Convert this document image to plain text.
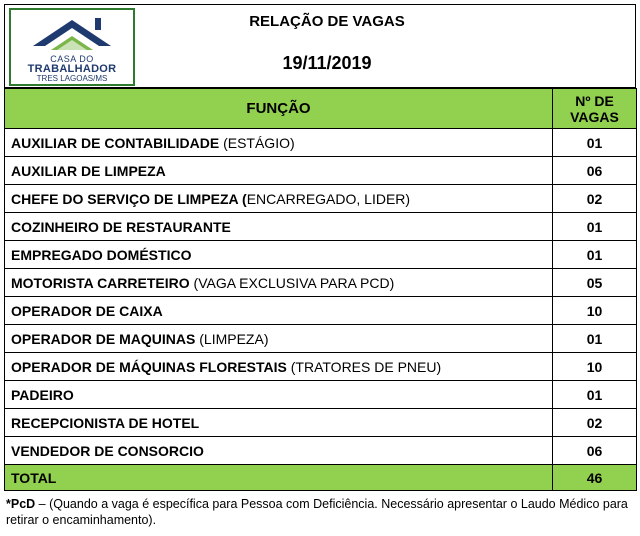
CASA DO
TRABALHADOR
TRES LAGOAS/MS
RELAÇÃO DE VAGAS
19/11/2019
FUNÇÃO	Nº DE
VAGAS
AUXILIAR DE CONTABILIDADE (ESTÁGIO)	01
AUXILIAR DE LIMPEZA	06
CHEFE DO SERVIÇO DE LIMPEZA (ENCARREGADO, LIDER)	02
COZINHEIRO DE RESTAURANTE	01
EMPREGADO DOMÉSTICO	01
MOTORISTA CARRETEIRO (VAGA EXCLUSIVA PARA PCD)	05
OPERADOR DE CAIXA	10
OPERADOR DE MAQUINAS (LIMPEZA)	01
OPERADOR DE MÁQUINAS FLORESTAIS (TRATORES DE PNEU)	10
PADEIRO	01
RECEPCIONISTA DE HOTEL	02
VENDEDOR DE CONSORCIO	06
TOTAL	46
*PcD – (Quando a vaga é específica para Pessoa com Deficiência. Necessário apresentar o Laudo Médico para retirar o encaminhamento).
